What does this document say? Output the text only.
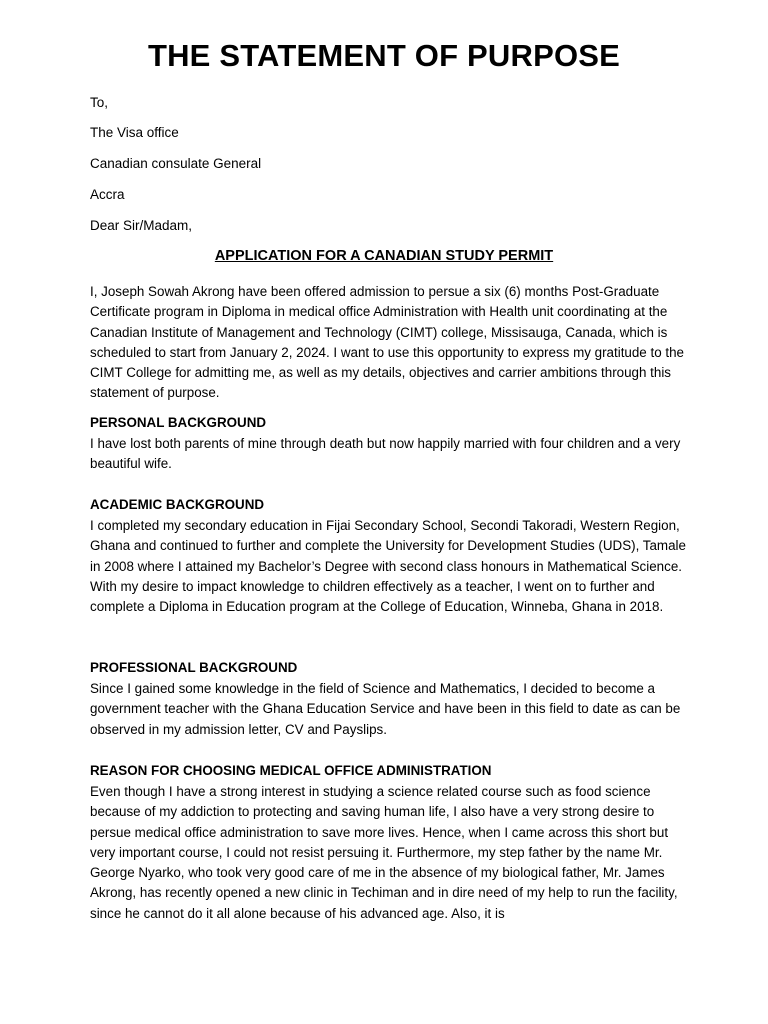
THE STATEMENT OF PURPOSE
To,
The Visa office
Canadian consulate General
Accra
Dear Sir/Madam,
APPLICATION FOR A CANADIAN STUDY PERMIT
I, Joseph Sowah Akrong have been offered admission to persue a six (6) months Post-Graduate Certificate program in Diploma in medical office Administration with Health unit coordinating at the Canadian Institute of Management and Technology (CIMT) college, Missisauga, Canada, which is scheduled to start from January 2, 2024. I want to use this opportunity to express my gratitude to the CIMT College for admitting me, as well as my details, objectives and carrier ambitions through this statement of purpose.
PERSONAL BACKGROUND
I have lost both parents of mine through death but now happily married with four children and a very beautiful wife.
ACADEMIC BACKGROUND
I completed my secondary education in Fijai Secondary School, Secondi Takoradi, Western Region, Ghana and continued to further and complete the University for Development Studies (UDS), Tamale in 2008 where I attained my Bachelor’s Degree with second class honours in Mathematical Science. With my desire to impact knowledge to children effectively as a teacher, I went on to further and complete a Diploma in Education program at the College of Education, Winneba, Ghana in 2018.
PROFESSIONAL BACKGROUND
Since I gained some knowledge in the field of Science and Mathematics, I decided to become a government teacher with the Ghana Education Service and have been in this field to date as can be observed in my admission letter, CV and Payslips.
REASON FOR CHOOSING MEDICAL OFFICE ADMINISTRATION
Even though I have a strong interest in studying a science related course such as food science because of my addiction to protecting and saving human life, I also have a very strong desire to persue medical office administration to save more lives. Hence, when I came across this short but very important course, I could not resist persuing it. Furthermore, my step father by the name Mr. George Nyarko, who took very good care of me in the absence of my biological father, Mr. James Akrong, has recently opened a new clinic in Techiman and in dire need of my help to run the facility, since he cannot do it all alone because of his advanced age. Also, it is
